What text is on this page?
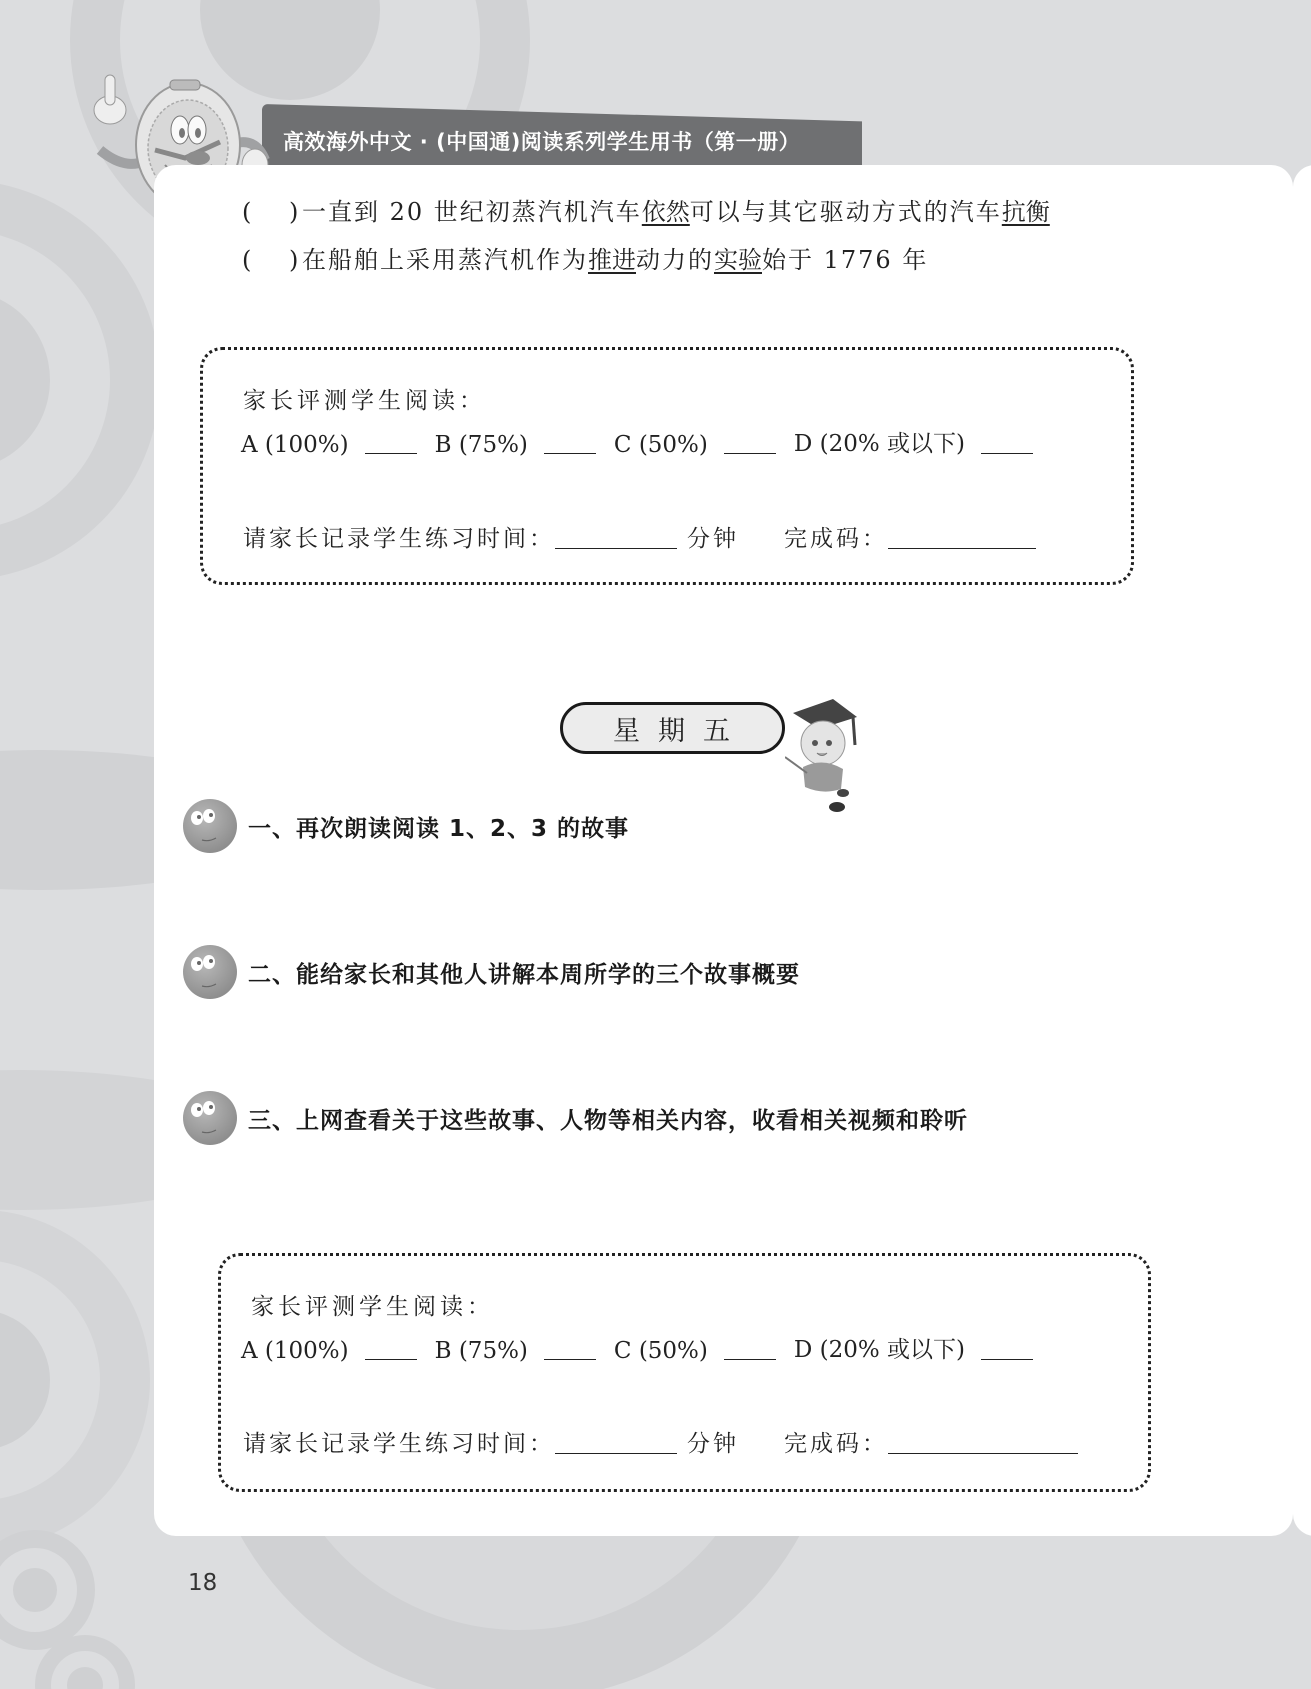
高效海外中文 · (中国通)阅读系列学生用书（第一册）
(　 )一直到 20 世纪初蒸汽机汽车依然可以与其它驱动方式的汽车抗衡
(　 )在船舶上采用蒸汽机作为推进动力的实验始于 1776 年
家长评测学生阅读：
A (100%)	B (75%)	C (50%)	D (20% 或以下)
请家长记录学生练习时间：	分钟 完成码：
星期五
一、再次朗读阅读 1、2、3 的故事
二、能给家长和其他人讲解本周所学的三个故事概要
三、上网查看关于这些故事、人物等相关内容，收看相关视频和聆听
家长评测学生阅读：
A (100%)	B (75%)	C (50%)	D (20% 或以下)
请家长记录学生练习时间：	分钟 完成码：
18
